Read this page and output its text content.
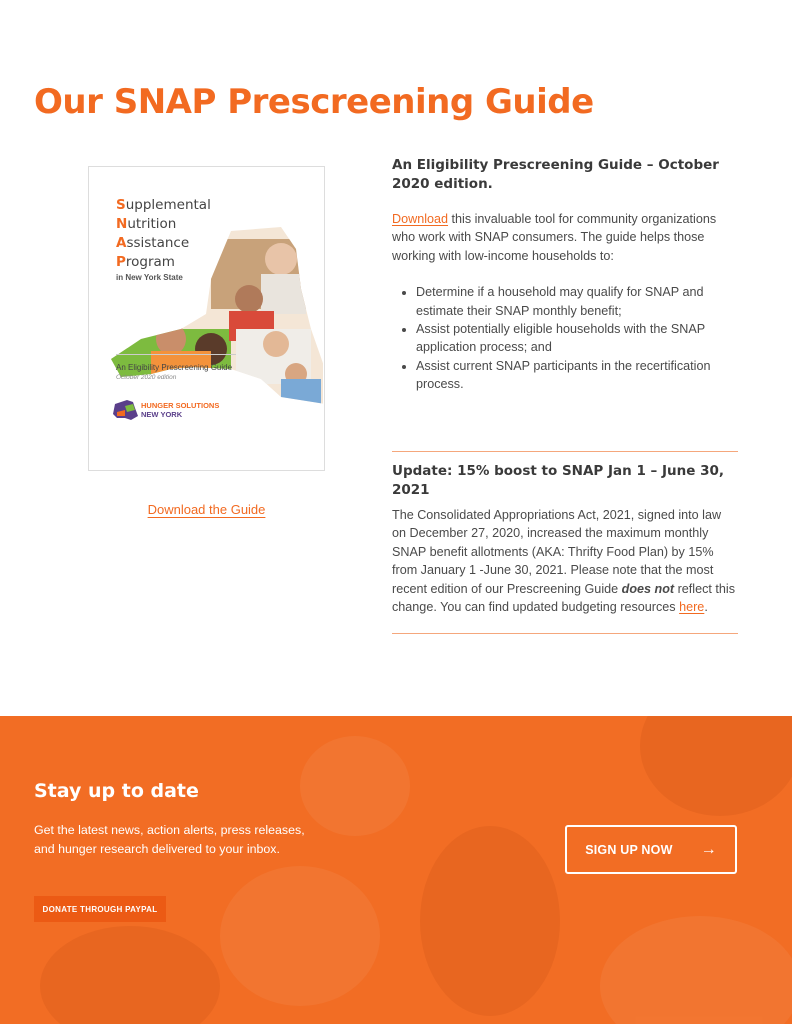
Our SNAP Prescreening Guide
Supplemental
Nutrition
Assistance
Program
in New York State
An Eligibility Prescreening Guide
October 2020 edition
HUNGER SOLUTIONS
NEW YORK
Download the Guide
An Eligibility Prescreening Guide – October 2020 edition.

Download this invaluable tool for community organizations who work with SNAP consumers. The guide helps those working with low-income households to:

• Determine if a household may qualify for SNAP and estimate their SNAP monthly benefit;
• Assist potentially eligible households with the SNAP application process; and
• Assist current SNAP participants in the recertification process.
Update: 15% boost to SNAP Jan 1 – June 30, 2021

The Consolidated Appropriations Act, 2021, signed into law on December 27, 2020, increased the maximum monthly SNAP benefit allotments (AKA: Thrifty Food Plan) by 15% from January 1 -June 30, 2021. Please note that the most recent edition of our Prescreening Guide does not reflect this change. You can find updated budgeting resources here.

Stay up to date

Get the latest news, action alerts, press releases, and hunger research delivered to your inbox.

DONATE THROUGH PAYPAL
SIGN UP NOW →
